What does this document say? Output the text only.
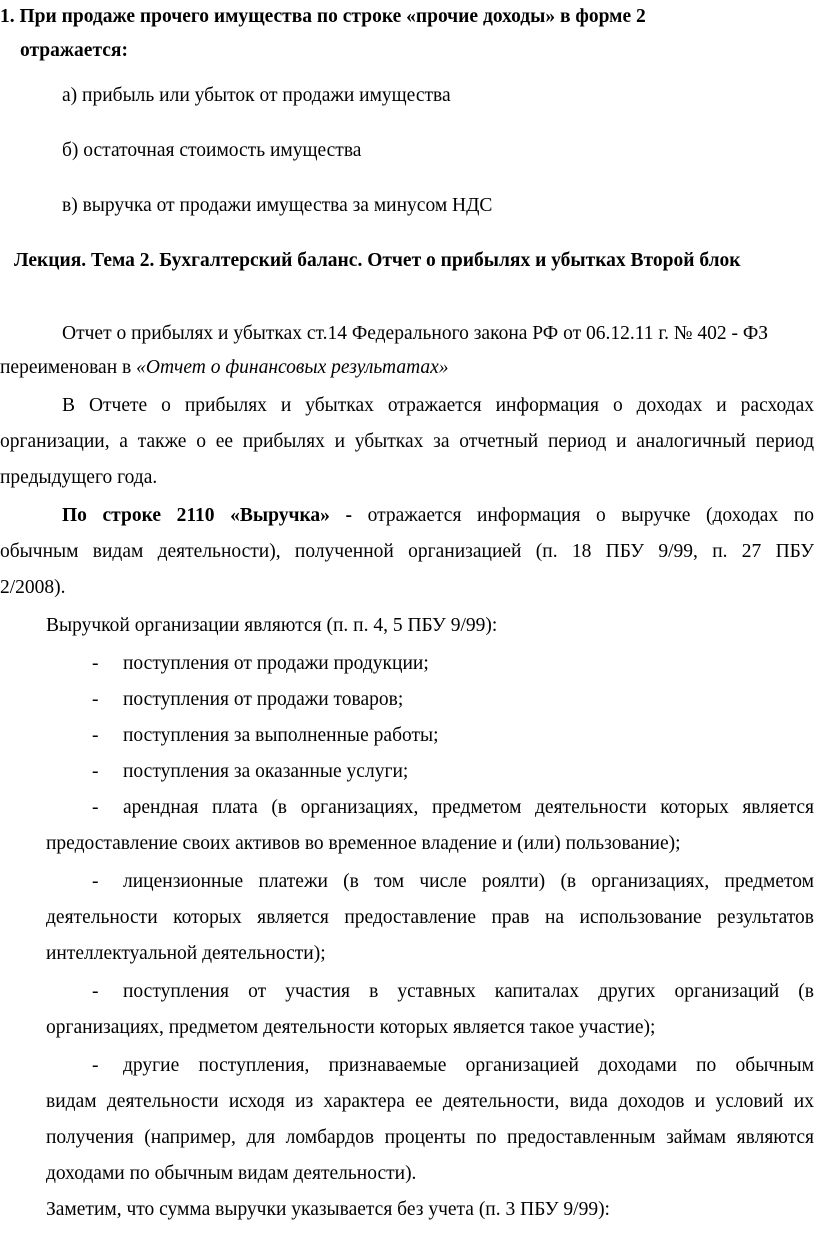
1. При продаже прочего имущества по строке «прочие доходы» в форме 2
отражается:
а) прибыль или убыток от продажи имущества
б) остаточная стоимость имущества
в) выручка от продажи имущества за минусом НДС
Лекция. Тема 2. Бухгалтерский баланс. Отчет о прибылях и убытках Второй блок
Отчет о прибылях и убытках ст.14 Федерального закона РФ от 06.12.11 г. № 402 - ФЗ
переименован в «Отчет о финансовых результатах»
В Отчете о прибылях и убытках отражается информация о доходах и расходах
организации, а также о ее прибылях и убытках за отчетный период и аналогичный период
предыдущего года.
По строке 2110 «Выручка» - отражается информация о выручке (доходах по
обычным видам деятельности), полученной организацией (п. 18 ПБУ 9/99, п. 27 ПБУ
2/2008).
Выручкой организации являются (п. п. 4, 5 ПБУ 9/99):
- поступления от продажи продукции;
- поступления от продажи товаров;
- поступления за выполненные работы;
- поступления за оказанные услуги;
- арендная плата (в организациях, предметом деятельности которых является
предоставление своих активов во временное владение и (или) пользование);
- лицензионные платежи (в том числе роялти) (в организациях, предметом
деятельности которых является предоставление прав на использование результатов
интеллектуальной деятельности);
- поступления от участия в уставных капиталах других организаций (в
организациях, предметом деятельности которых является такое участие);
- другие поступления, признаваемые организацией доходами по обычным
видам деятельности исходя из характера ее деятельности, вида доходов и условий их
получения (например, для ломбардов проценты по предоставленным займам являются
доходами по обычным видам деятельности).
Заметим, что сумма выручки указывается без учета (п. 3 ПБУ 9/99):
